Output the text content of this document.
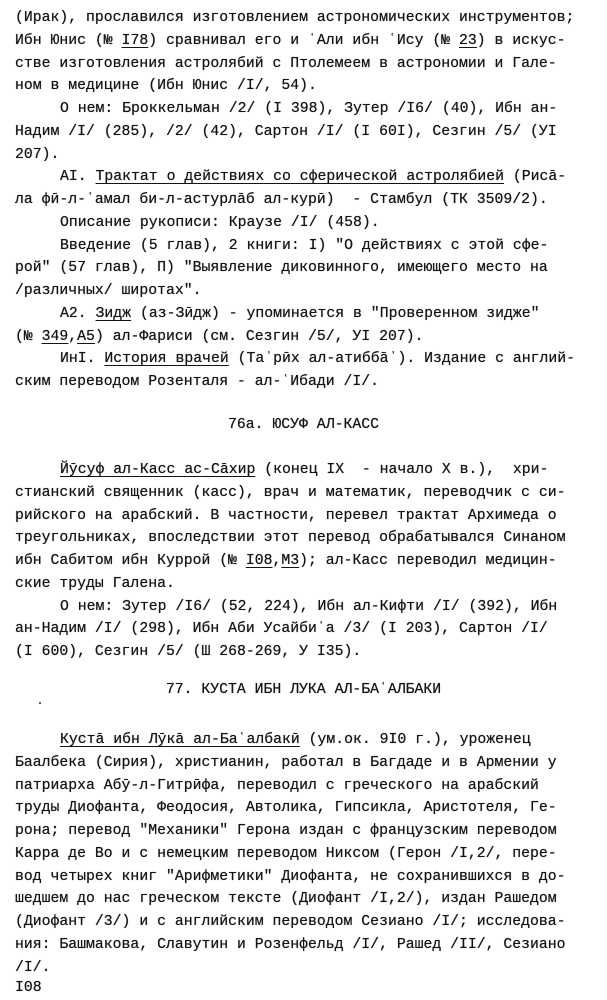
(Ирак), прославился изготовлением астрономических инструментов;
Ибн Юнис (№ I78) сравнивал его и ʿАли ибн ʿИсу (№ 23) в искус-
стве изготовления астролябий с Птолемеем в астрономии и Гале-
ном в медицине (Ибн Юнис /I/, 54).
О нем: Броккельман /2/ (I 398), Зутер /I6/ (40), Ибн ан-
Надим /I/ (285), /2/ (42), Сартон /I/ (I 60I), Сезгин /5/ (УI
207).
AI. Трактат о действиях со сферической астролябией (Рисā-
ла фӣ-л-ʿамал би-л-астурлāб ал-курӣ)  - Стамбул (ТК 3509/2).
Описание рукописи: Краузе /I/ (458).
Введение (5 глав), 2 книги: I) "О действиях с этой сфе-
рой" (57 глав), П) "Выявление диковинного, имеющего место на
/различных/ широтах".
A2. Зидж (аз-Зӣдж) - упоминается в "Проверенном зидже"
(№ 349,A5) ал-Фариси (см. Сезгин /5/, УI 207).
ИнI. История врачей (Таʾрӣх ал-атиббāʾ). Издание с англий-
ским переводом Розенталя - ал-ʿИбади /I/.
76а. ЮСУФ АЛ-КАСС
Йӯсуф ал-Касс ас-Сāхир (конец IX  - начало X в.),  хри-
стианский священник (касс), врач и математик, переводчик с си-
рийского на арабский. В частности, перевел трактат Архимеда о
треугольниках, впоследствии этот перевод обрабатывался Синаном
ибн Сабитом ибн Куррой (№ I08,M3); ал-Касс переводил медицин-
ские труды Галена.
О нем: Зутер /I6/ (52, 224), Ибн ал-Кифти /I/ (392), Ибн
ан-Надим /I/ (298), Ибн Аби Усайбиʿа /3/ (I 203), Сартон /I/
(I 600), Сезгин /5/ (Ш 268-269, У I35).
77. КУСТА ИБН ЛУКА АЛ-БАʿАЛБАКИ
Кустā ибн Лӯкā ал-Баʿалбакӣ (ум.ок. 9I0 г.), уроженец
Баалбека (Сирия), христианин, работал в Багдаде и в Армении у
патриарха Абӯ-л-Гитрӣфа, переводил с греческого на арабский
труды Диофанта, Феодосия, Автолика, Гипсикла, Аристотеля, Ге-
рона; перевод "Механики" Герона издан с французским переводом
Карра де Во и с немецким переводом Никсом (Герон /I,2/, пере-
вод четырех книг "Арифметики" Диофанта, не сохранившихся в до-
шедшем до нас греческом тексте (Диофант /I,2/), издан Рашедом
(Диофант /3/) и с английским переводом Сезиано /I/; исследова-
ния: Башмакова, Славутин и Розенфельд /I/, Рашед /II/, Сезиано
/I/.
I08
